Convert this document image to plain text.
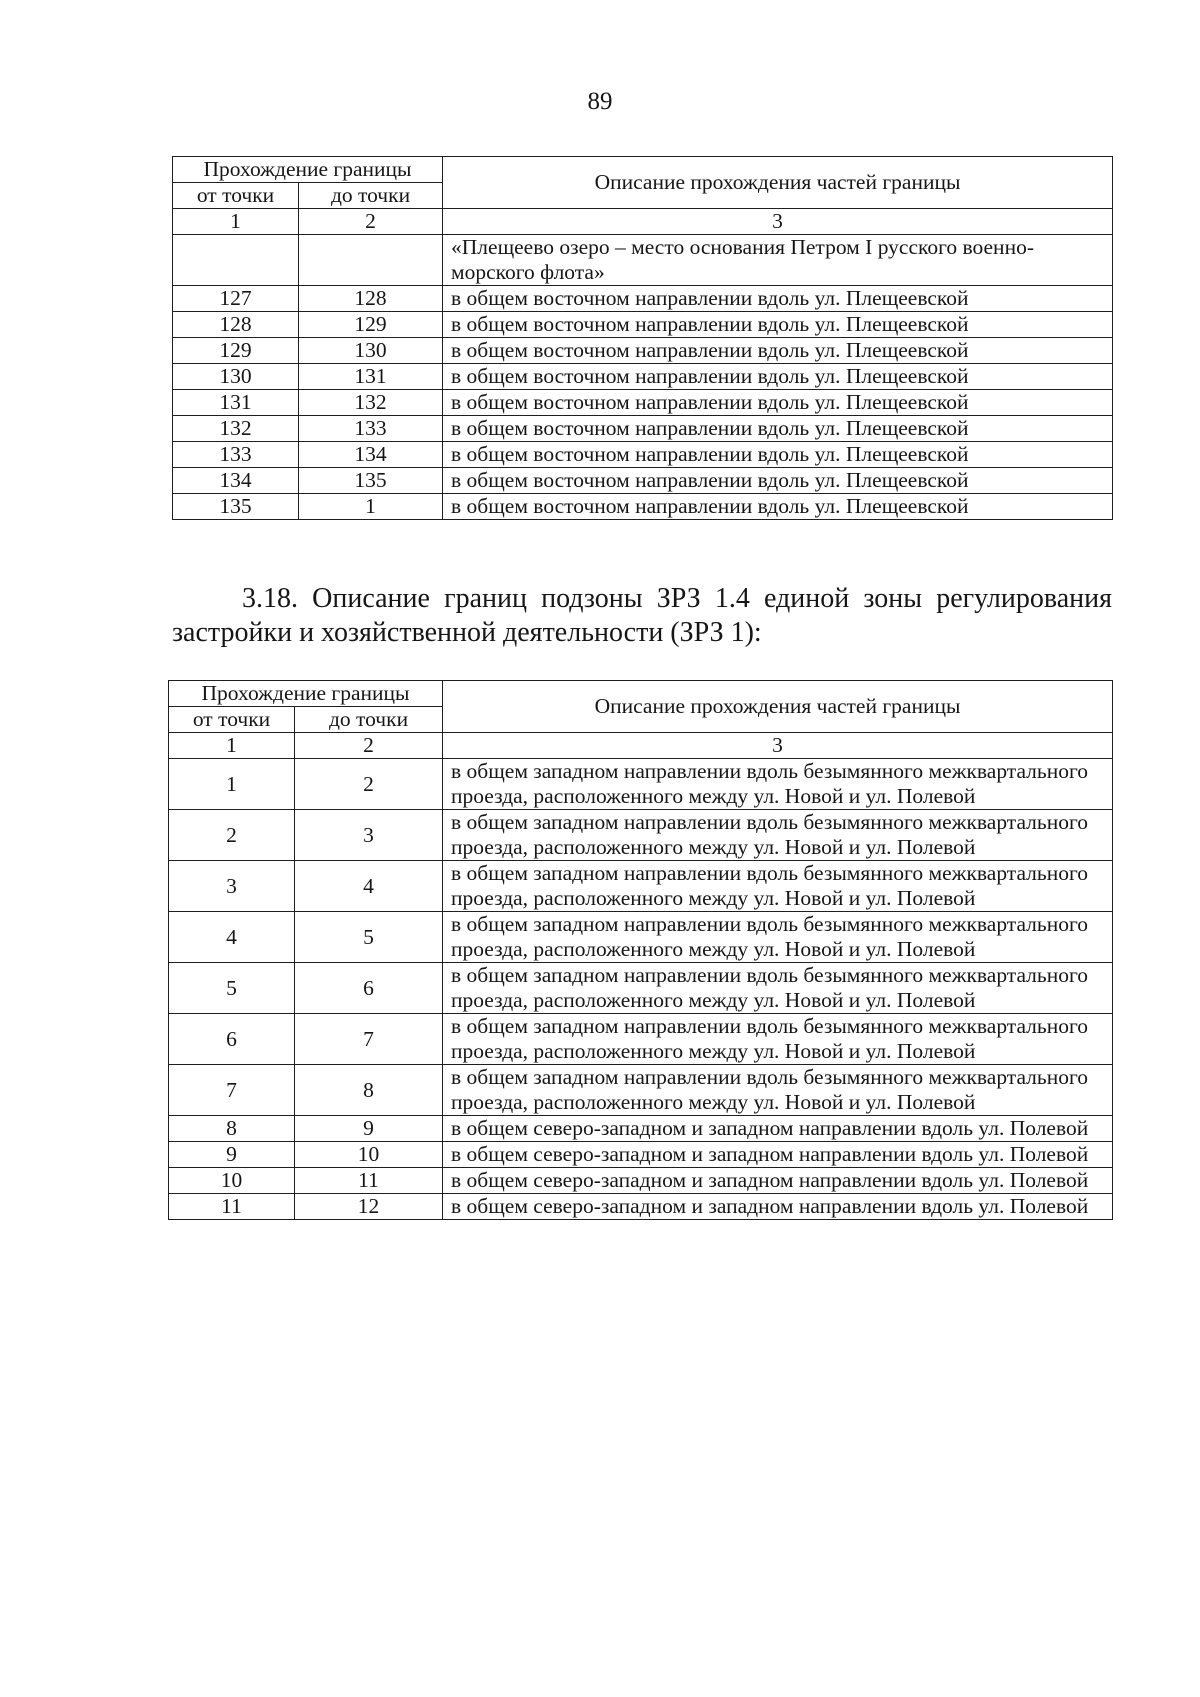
89
Прохождение границы		Описание прохождения частей границы
от точки	до точки	
1	2	3
		«Плещеево озеро – место основания Петром I русского военно-морского флота»
127	128	в общем восточном направлении вдоль ул. Плещеевской
128	129	в общем восточном направлении вдоль ул. Плещеевской
129	130	в общем восточном направлении вдоль ул. Плещеевской
130	131	в общем восточном направлении вдоль ул. Плещеевской
131	132	в общем восточном направлении вдоль ул. Плещеевской
132	133	в общем восточном направлении вдоль ул. Плещеевской
133	134	в общем восточном направлении вдоль ул. Плещеевской
134	135	в общем восточном направлении вдоль ул. Плещеевской
135	1	в общем восточном направлении вдоль ул. Плещеевской

3.18. Описание границ подзоны ЗРЗ 1.4 единой зоны регулирования застройки и хозяйственной деятельности (ЗРЗ 1):

Прохождение границы		Описание прохождения частей границы
от точки	до точки	
1	2	3
1	2	в общем западном направлении вдоль безымянного межквартального проезда, расположенного между ул. Новой и ул. Полевой
2	3	в общем западном направлении вдоль безымянного межквартального проезда, расположенного между ул. Новой и ул. Полевой
3	4	в общем западном направлении вдоль безымянного межквартального проезда, расположенного между ул. Новой и ул. Полевой
4	5	в общем западном направлении вдоль безымянного межквартального проезда, расположенного между ул. Новой и ул. Полевой
5	6	в общем западном направлении вдоль безымянного межквартального проезда, расположенного между ул. Новой и ул. Полевой
6	7	в общем западном направлении вдоль безымянного межквартального проезда, расположенного между ул. Новой и ул. Полевой
7	8	в общем западном направлении вдоль безымянного межквартального проезда, расположенного между ул. Новой и ул. Полевой
8	9	в общем северо-западном и западном направлении вдоль ул. Полевой
9	10	в общем северо-западном и западном направлении вдоль ул. Полевой
10	11	в общем северо-западном и западном направлении вдоль ул. Полевой
11	12	в общем северо-западном и западном направлении вдоль ул. Полевой
